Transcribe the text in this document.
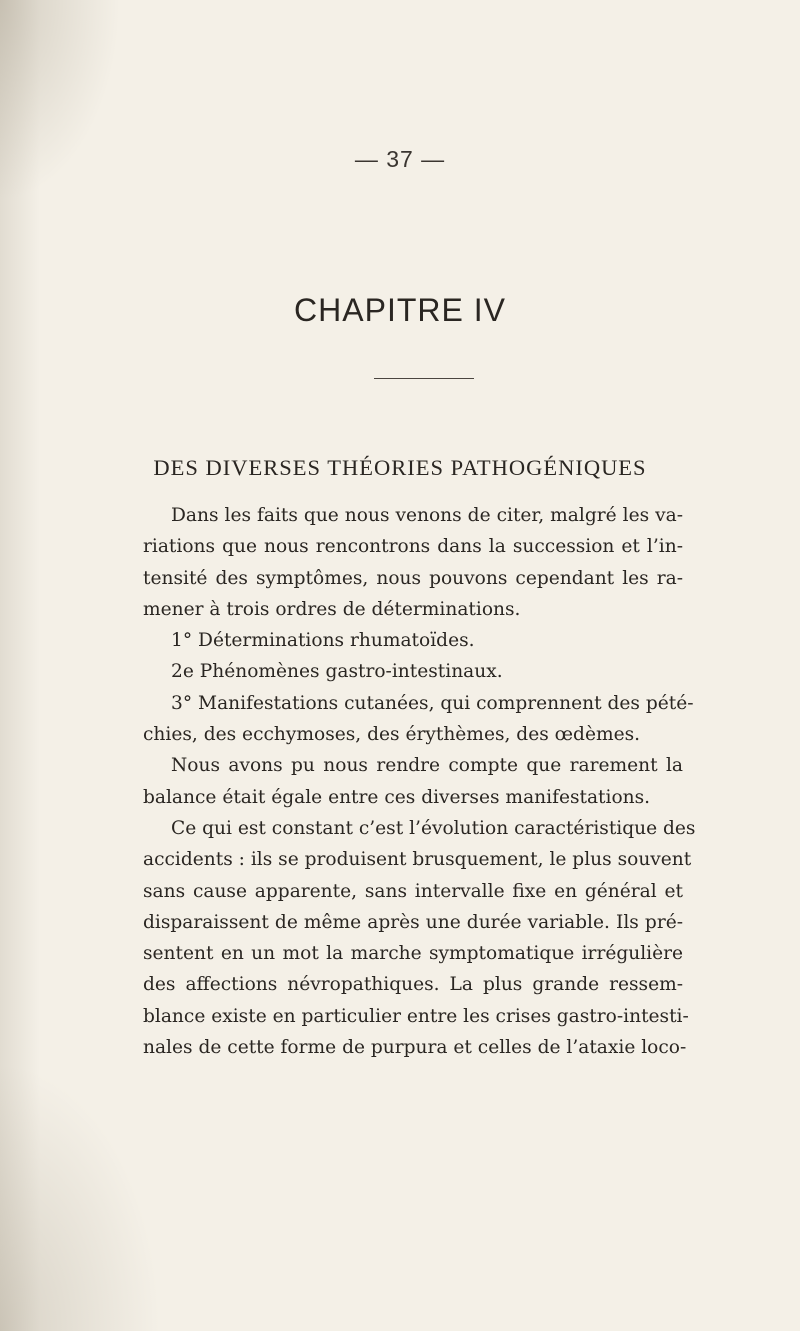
— 37 —
CHAPITRE IV
DES DIVERSES THÉORIES PATHOGÉNIQUES
Dans les faits que nous venons de citer, malgré les va-
riations que nous rencontrons dans la succession et l’in-
tensité des symptômes, nous pouvons cependant les ra-
mener à trois ordres de déterminations.
1° Déterminations rhumatoïdes.
2e Phénomènes gastro-intestinaux.
3° Manifestations cutanées, qui comprennent des pété-
chies, des ecchymoses, des érythèmes, des œdèmes.
Nous avons pu nous rendre compte que rarement la
balance était égale entre ces diverses manifestations.
Ce qui est constant c’est l’évolution caractéristique des
accidents : ils se produisent brusquement, le plus souvent
sans cause apparente, sans intervalle fixe en général et
disparaissent de même après une durée variable. Ils pré-
sentent en un mot la marche symptomatique irrégulière
des affections névropathiques. La plus grande ressem-
blance existe en particulier entre les crises gastro-intesti-
nales de cette forme de purpura et celles de l’ataxie loco-
